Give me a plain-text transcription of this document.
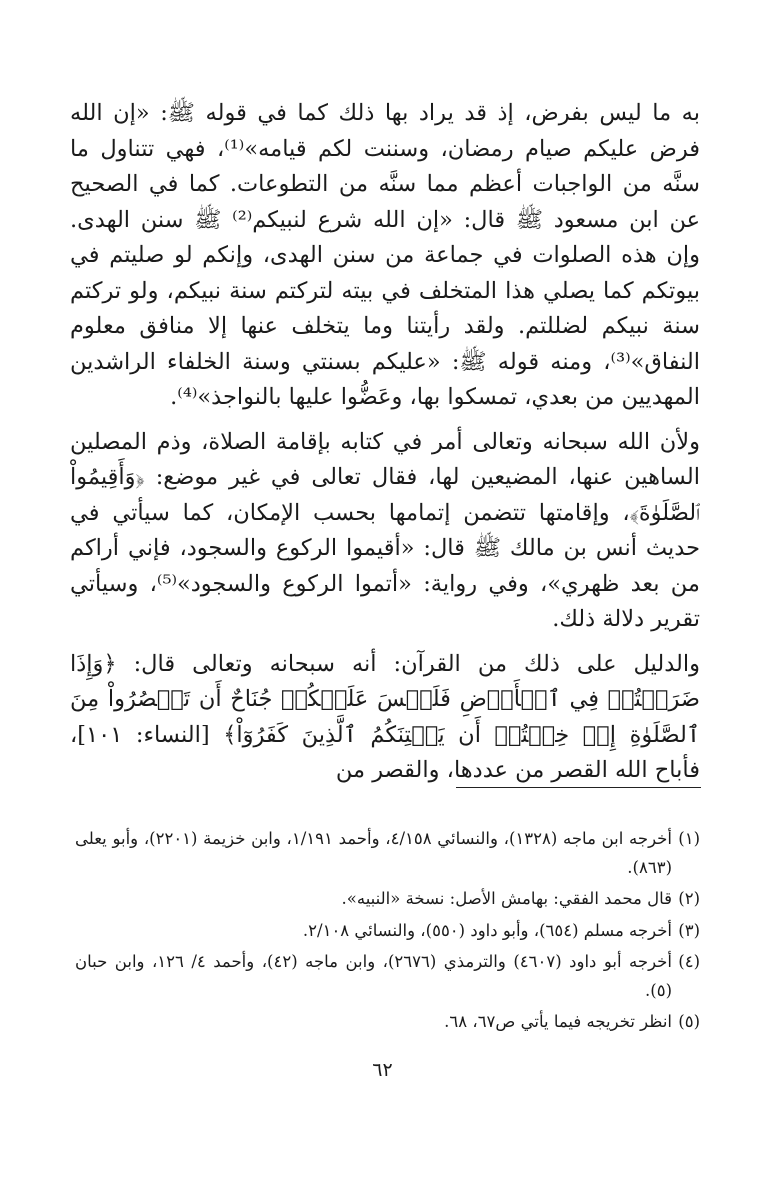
به ما ليس بفرض، إذ قد يراد بها ذلك كما في قوله ﷺ: «إن الله فرض عليكم صيام رمضان، وسننت لكم قيامه»⁽¹⁾، فهي تتناول ما سنَّه من الواجبات أعظم مما سنَّه من التطوعات. كما في الصحيح عن ابن مسعود ﷺ قال: «إن الله شرع لنبيكم⁽²⁾ ﷺ سنن الهدى. وإن هذه الصلوات في جماعة من سنن الهدى، وإنكم لو صليتم في بيوتكم كما يصلي هذا المتخلف في بيته لتركتم سنة نبيكم، ولو تركتم سنة نبيكم لضللتم. ولقد رأيتنا وما يتخلف عنها إلا منافق معلوم النفاق»⁽³⁾، ومنه قوله ﷺ: «عليكم بسنتي وسنة الخلفاء الراشدين المهديين من بعدي، تمسكوا بها، وعَضُّوا عليها بالنواجذ»⁽⁴⁾.

ولأن الله سبحانه وتعالى أمر في كتابه بإقامة الصلاة، وذم المصلين الساهين عنها، المضيعين لها، فقال تعالى في غير موضع: ﴿وَأَقِيمُواْ ٱلصَّلَوٰةَ﴾، وإقامتها تتضمن إتمامها بحسب الإمكان، كما سيأتي في حديث أنس بن مالك ﷺ قال: «أقيموا الركوع والسجود، فإني أراكم من بعد ظهري»، وفي رواية: «أتموا الركوع والسجود»⁽⁵⁾، وسيأتي تقرير دلالة ذلك.

والدليل على ذلك من القرآن: أنه سبحانه وتعالى قال: ﴿وَإِذَا ضَرَبۡتُمۡ فِي ٱلۡأَرۡضِ فَلَيۡسَ عَلَيۡكُمۡ جُنَاحٌ أَن تَقۡصُرُواْ مِنَ ٱلصَّلَوٰةِ إِنۡ خِفۡتُمۡ أَن يَفۡتِنَكُمُ ٱلَّذِينَ كَفَرُوٓاْ﴾ [النساء: ١٠١]، فأباح الله القصر من عددها، والقصر من

(١)
أخرجه ابن ماجه (١٣٢٨)، والنسائي ٤/١٥٨، وأحمد ١/١٩١، وابن خزيمة (٢٢٠١)، وأبو يعلى (٨٦٣).
(٢)
قال محمد الفقي: بهامش الأصل: نسخة «النبيه».
(٣)
أخرجه مسلم (٦٥٤)، وأبو داود (٥٥٠)، والنسائي ٢/١٠٨.
(٤)
أخرجه أبو داود (٤٦٠٧) والترمذي (٢٦٧٦)، وابن ماجه (٤٢)، وأحمد ٤/ ١٢٦، وابن حبان (٥).
(٥)
انظر تخريجه فيما يأتي ص٦٧، ٦٨.
٦٢
